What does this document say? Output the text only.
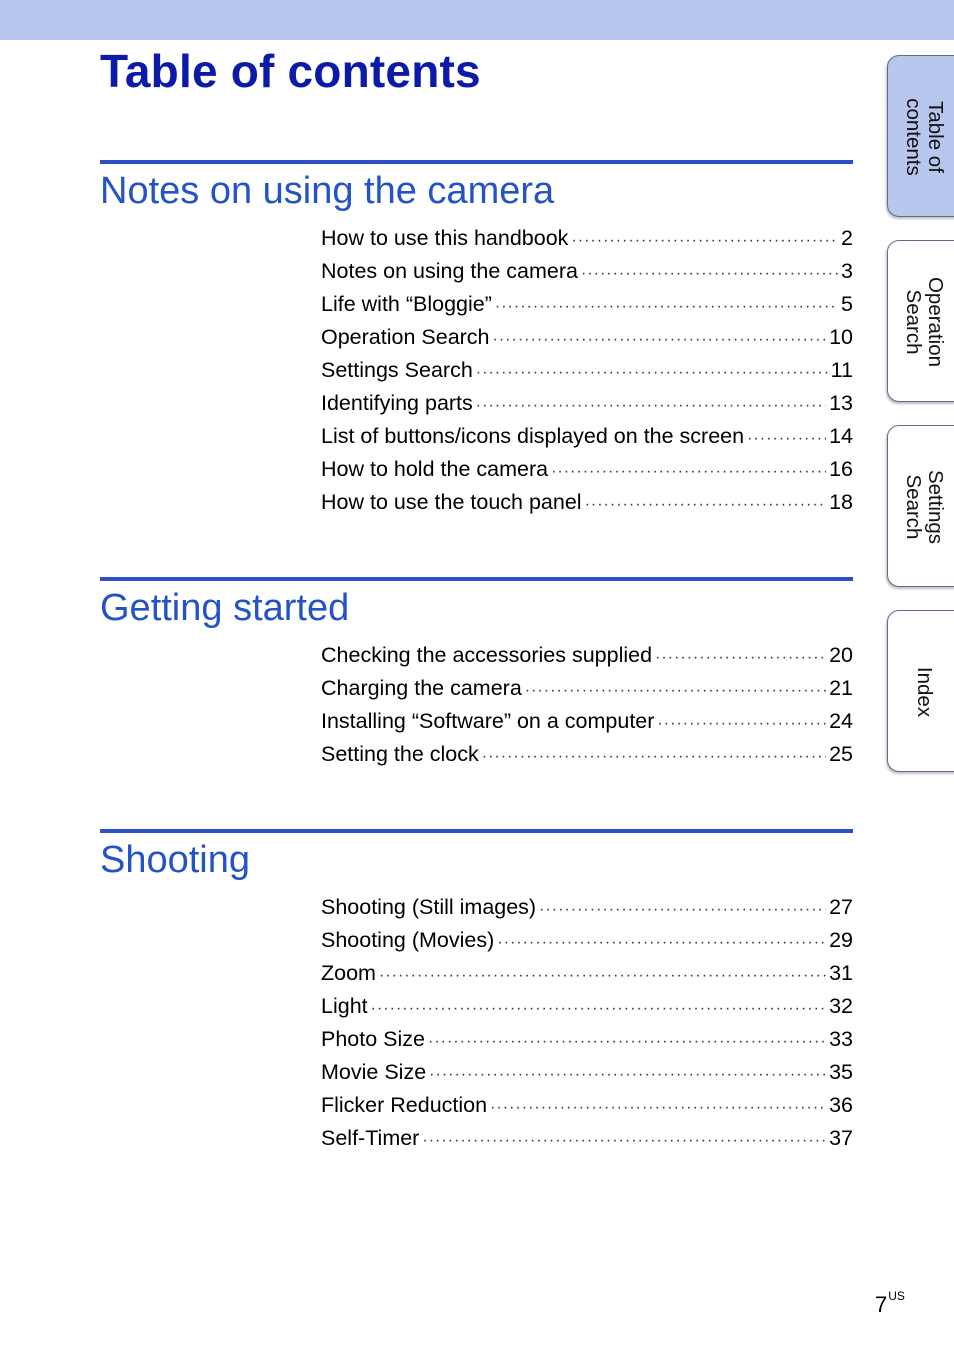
Table of contents
Notes on using the camera
How to use this handbook ·····	2
Notes on using the camera ·····	3
Life with “Bloggie” ·····	5
Operation Search ·····	10
Settings Search ·····	11
Identifying parts ·····	13
List of buttons/icons displayed on the screen ·····	14
How to hold the camera ·····	16
How to use the touch panel ·····	18
Getting started
Checking the accessories supplied ·····	20
Charging the camera ·····	21
Installing “Software” on a computer ·····	24
Setting the clock ·····	25
Shooting
Shooting (Still images) ·····	27
Shooting (Movies) ·····	29
Zoom ·····	31
Light ·····	32
Photo Size ·····	33
Movie Size ·····	35
Flicker Reduction ·····	36
Self-Timer ·····	37
Table of
contents
Operation
Search
Settings
Search
Index
$7^{US}$
